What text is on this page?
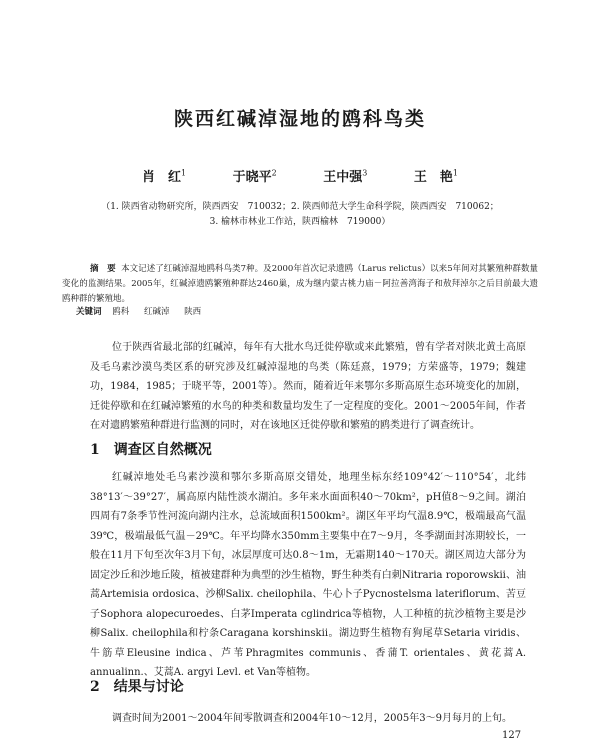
陕西红碱淖湿地的鸥科鸟类
肖　红$^1$	于晓平$^2$	王中强$^3$	王　艳$^1$
（1. 陕西省动物研究所，陕西西安　710032；2. 陕西师范大学生命科学院，陕西西安　710062；
3. 榆林市林业工作站，陕西榆林　719000）
摘　要 本文记述了红碱淖湿地鸥科鸟类7种。及2000年首次记录遗鸥（Larus relictus）以来5年间对其繁殖种群数量变化的监测结果。2005年，红碱淖遗鸥繁殖种群达2460巢，成为继内蒙古桃力庙－阿拉善湾海子和敖拜淖尔之后目前最大遗鸥种群的繁殖地。
关键词 鸥科 红碱淖 陕西
位于陕西省最北部的红碱淖，每年有大批水鸟迁徙停歇或来此繁殖，曾有学者对陕北黄土高原及毛乌素沙漠鸟类区系的研究涉及红碱淖湿地的鸟类（陈廷熹，1979；方荣盛等，1979；魏建功，1984，1985；于晓平等，2001等）。然而，随着近年来鄂尔多斯高原生态环境变化的加剧，迁徙停歇和在红碱淖繁殖的水鸟的种类和数量均发生了一定程度的变化。2001～2005年间，作者在对遗鸥繁殖种群进行监测的同时，对在该地区迁徙停歇和繁殖的鸥类进行了调查统计。
1 调查区自然概况
红碱淖地处毛乌素沙漠和鄂尔多斯高原交错处，地理坐标东经109°42′～110°54′，北纬38°13′～39°27′，属高原内陆性淡水湖泊。多年来水面面积40～70km²，pH值8～9之间。湖泊四周有7条季节性河流向湖内注水，总流域面积1500km²。湖区年平均气温8.9℃，极端最高气温39℃，极端最低气温－29℃。年平均降水350mm主要集中在7～9月，冬季湖面封冻期较长，一般在11月下旬至次年3月下旬，冰层厚度可达0.8～1m，无霜期140～170天。湖区周边大部分为固定沙丘和沙地丘陵，植被建群种为典型的沙生植物，野生种类有白刺Nitraria roporowskii、油蒿Artemisia ordosica、沙柳Salix. cheilophila、牛心卜子Pycnostelsma lateriflorum、苦豆子Sophora alopecuroedes、白茅Imperata cglindrica等植物，人工种植的抗沙植物主要是沙柳Salix. cheilophila和柠条Caragana korshinskii。湖边野生植物有狗尾草Setaria viridis、牛筋草Eleusine indica、芦苇Phragmites communis、香蒲T. orientales、黄花蒿A. annualinn.、艾蒿A. argyi Levl. et Van等植物。
2 结果与讨论
调查时间为2001～2004年间零散调查和2004年10～12月，2005年3～9月每月的上旬。
127
